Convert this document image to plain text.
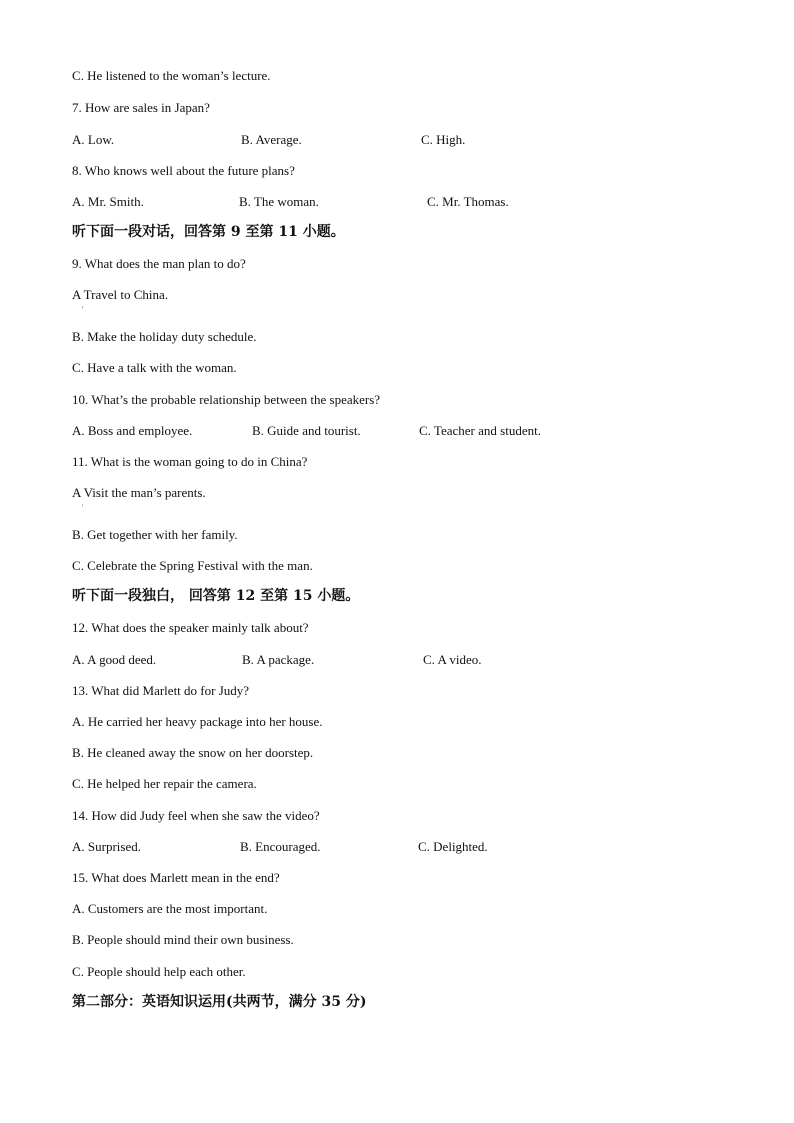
C. He listened to the woman’s lecture.
7. How are sales in Japan?
A. Low.	B. Average.	C. High.
8. Who knows well about the future plans?
A. Mr. Smith.	B. The woman.	C. Mr. Thomas.
听下面一段对话，回答第 9 至第 11 小题。
9. What does the man plan to do?
A Travel to China.
'
B. Make the holiday duty schedule.
C. Have a talk with the woman.
10. What’s the probable relationship between the speakers?
A. Boss and employee.	B. Guide and tourist.	C. Teacher and student.
11. What is the woman going to do in China?
A Visit the man’s parents.
'
B. Get together with her family.
C. Celebrate the Spring Festival with the man.
听下面一段独白， 回答第 12 至第 15 小题。
12. What does the speaker mainly talk about?
A. A good deed.	B. A package.	C. A video.
13. What did Marlett do for Judy?
A. He carried her heavy package into her house.
B. He cleaned away the snow on her doorstep.
C. He helped her repair the camera.
14. How did Judy feel when she saw the video?
A. Surprised.	B. Encouraged.	C. Delighted.
15. What does Marlett mean in the end?
A. Customers are the most important.
B. People should mind their own business.
C. People should help each other.
第二部分：英语知识运用(共两节，满分 35 分)
